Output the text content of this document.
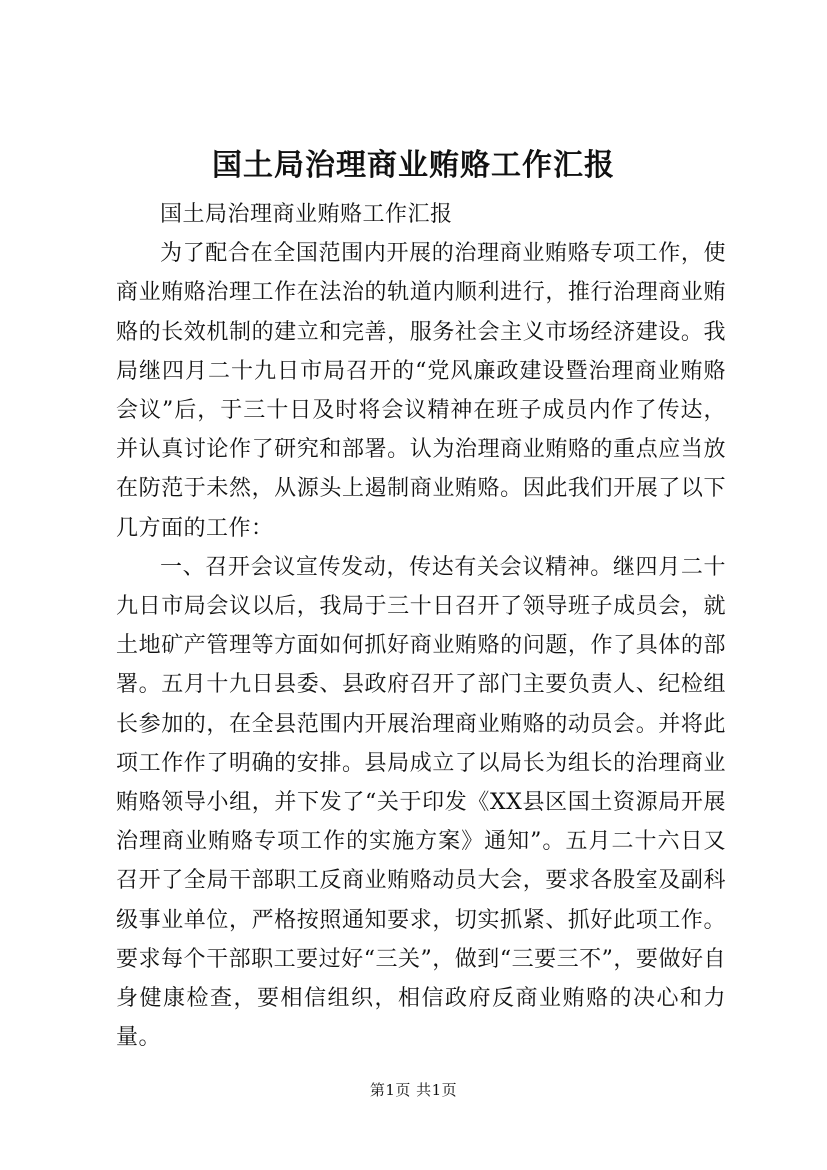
国土局治理商业贿赂工作汇报

国土局治理商业贿赂工作汇报

为了配合在全国范围内开展的治理商业贿赂专项工作，使商业贿赂治理工作在法治的轨道内顺利进行，推行治理商业贿赂的长效机制的建立和完善，服务社会主义市场经济建设。我局继四月二十九日市局召开的“党风廉政建设暨治理商业贿赂会议”后，于三十日及时将会议精神在班子成员内作了传达，并认真讨论作了研究和部署。认为治理商业贿赂的重点应当放在防范于未然，从源头上遏制商业贿赂。因此我们开展了以下几方面的工作：

一、召开会议宣传发动，传达有关会议精神。继四月二十九日市局会议以后，我局于三十日召开了领导班子成员会，就土地矿产管理等方面如何抓好商业贿赂的问题，作了具体的部署。五月十九日县委、县政府召开了部门主要负责人、纪检组长参加的，在全县范围内开展治理商业贿赂的动员会。并将此项工作作了明确的安排。县局成立了以局长为组长的治理商业贿赂领导小组，并下发了“关于印发《XX县区国土资源局开展治理商业贿赂专项工作的实施方案》通知”。五月二十六日又召开了全局干部职工反商业贿赂动员大会，要求各股室及副科级事业单位，严格按照通知要求，切实抓紧、抓好此项工作。要求每个干部职工要过好“三关”，做到“三要三不”，要做好自身健康检查，要相信组织，相信政府反商业贿赂的决心和力量。

第1页 共1页
